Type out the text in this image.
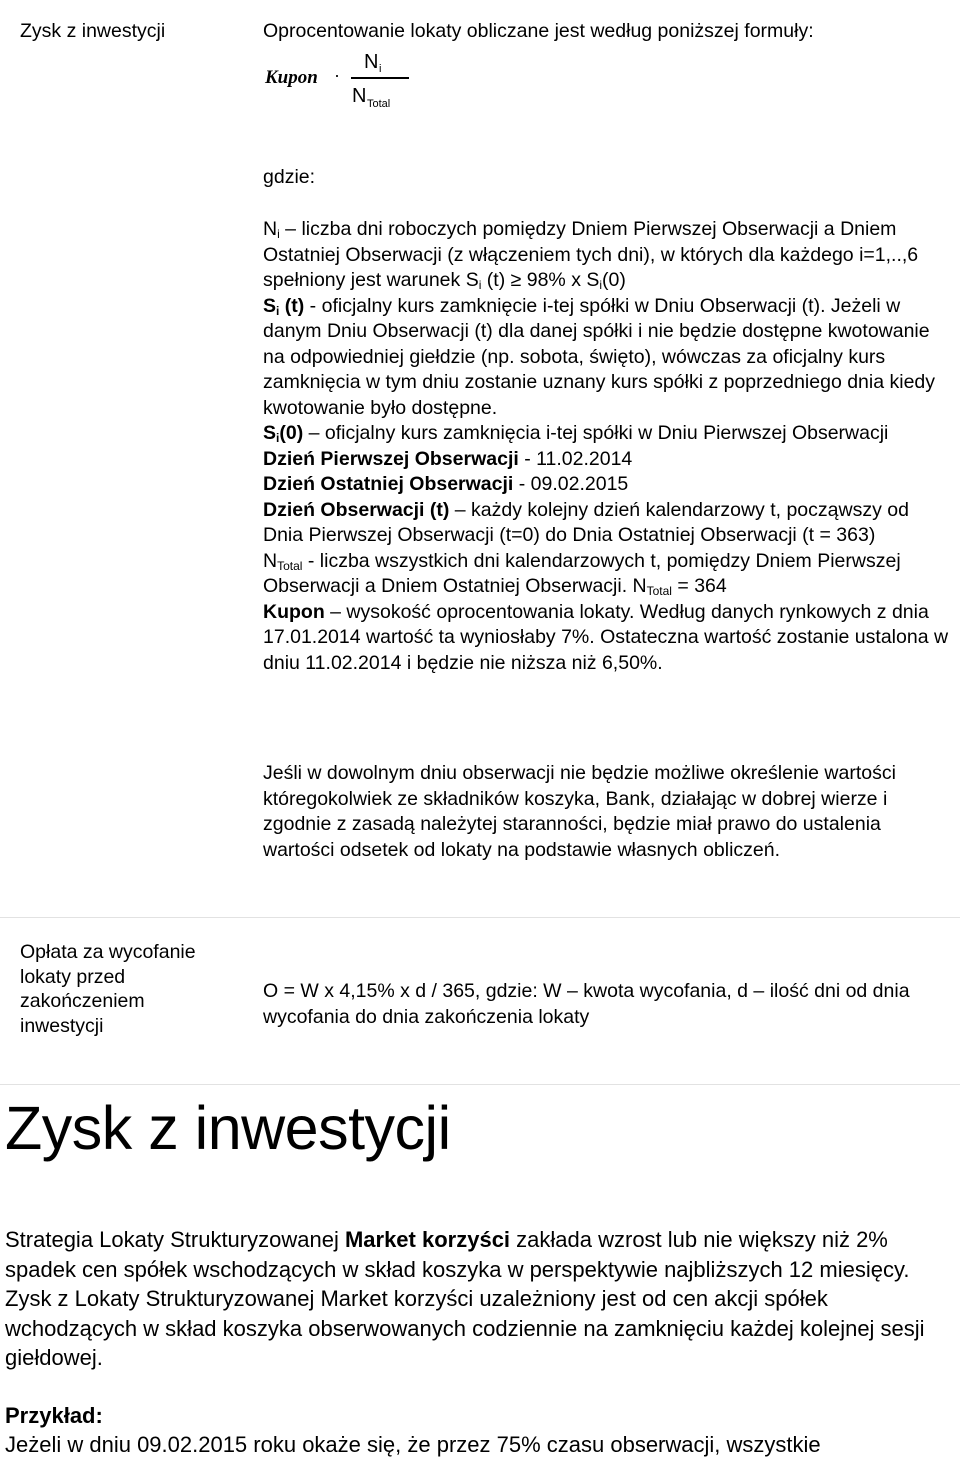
Zysk z inwestycji	Oprocentowanie lokaty obliczane jest według poniższej formuły:
Kupon ·
N i
N Total
gdzie:

$N_i$ – liczba dni roboczych pomiędzy Dniem Pierwszej Obserwacji a Dniem Ostatniej Obserwacji (z włączeniem tych dni), w których dla każdego i=1,..,6 spełniony jest warunek $S_i$ (t) ≥ 98% x $S_i(0)$

$S_i$ (t) - oficjalny kurs zamknięcie i-tej spółki w Dniu Obserwacji (t). Jeżeli w danym Dniu Obserwacji (t) dla danej spółki i nie będzie dostępne kwotowanie na odpowiedniej giełdzie (np. sobota, święto), wówczas za oficjalny kurs zamknięcia w tym dniu zostanie uznany kurs spółki z poprzedniego dnia kiedy kwotowanie było dostępne.

$S_i(0)$ – oficjalny kurs zamknięcia i-tej spółki w Dniu Pierwszej Obserwacji

Dzień Pierwszej Obserwacji - 11.02.2014

Dzień Ostatniej Obserwacji - 09.02.2015

Dzień Obserwacji (t) – każdy kolejny dzień kalendarzowy t, począwszy od Dnia Pierwszej Obserwacji (t=0) do Dnia Ostatniej Obserwacji (t = 363)

$N_{Total}$ - liczba wszystkich dni kalendarzowych t, pomiędzy Dniem Pierwszej Obserwacji a Dniem Ostatniej Obserwacji. $N_{Total} = 364$

Kupon – wysokość oprocentowania lokaty. Według danych rynkowych z dnia 17.01.2014 wartość ta wyniosłaby 7%. Ostateczna wartość zostanie ustalona w dniu 11.02.2014 i będzie nie niższa niż 6,50%.

Jeśli w dowolnym dniu obserwacji nie będzie możliwe określenie wartości któregokolwiek ze składników koszyka, Bank, działając w dobrej wierze i zgodnie z zasadą należytej staranności, będzie miał prawo do ustalenia wartości odsetek od lokaty na podstawie własnych obliczeń.
Opłata za wycofanie lokaty przed zakończeniem inwestycji
O = W x 4,15% x d / 365, gdzie: W – kwota wycofania, d – ilość dni od dnia wycofania do dnia zakończenia lokaty
Zysk z inwestycji

Strategia Lokaty Strukturyzowanej Market korzyści zakłada wzrost lub nie większy niż 2% spadek cen spółek wschodzących w skład koszyka w perspektywie najbliższych 12 miesięcy. Zysk z Lokaty Strukturyzowanej Market korzyści uzależniony jest od cen akcji spółek wchodzących w skład koszyka obserwowanych codziennie na zamknięciu każdej kolejnej sesji giełdowej.

Przykład:

Jeżeli w dniu 09.02.2015 roku okaże się, że przez 75% czasu obserwacji, wszystkie
